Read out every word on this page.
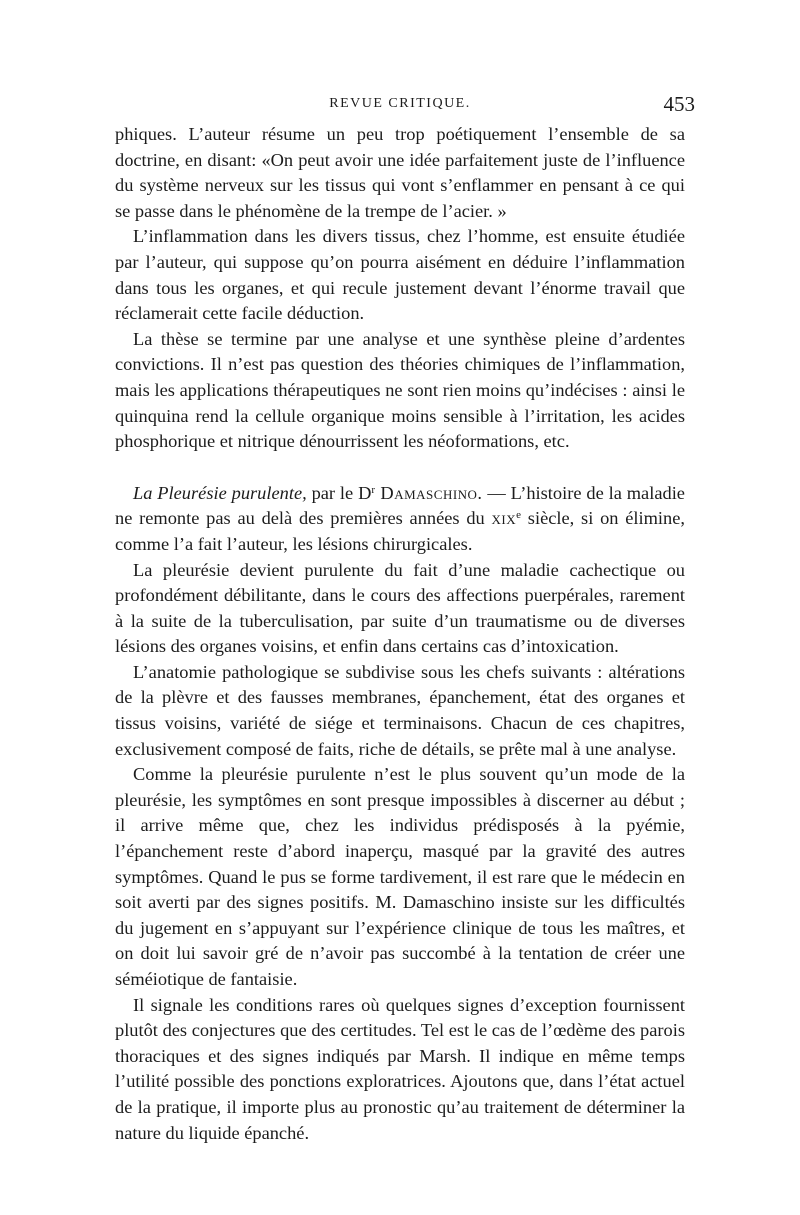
REVUE CRITIQUE.	453

phiques. L’auteur résume un peu trop poétiquement l’ensemble de sa doctrine, en disant: «On peut avoir une idée parfaitement juste de l’influence du système nerveux sur les tissus qui vont s’enflammer en pensant à ce qui se passe dans le phénomène de la trempe de l’acier. »

L’inflammation dans les divers tissus, chez l’homme, est ensuite étudiée par l’auteur, qui suppose qu’on pourra aisément en déduire l’inflammation dans tous les organes, et qui recule justement devant l’énorme travail que réclamerait cette facile déduction.

La thèse se termine par une analyse et une synthèse pleine d’ardentes convictions. Il n’est pas question des théories chimiques de l’inflammation, mais les applications thérapeutiques ne sont rien moins qu’indécises : ainsi le quinquina rend la cellule organique moins sensible à l’irritation, les acides phosphorique et nitrique dénourrissent les néoformations, etc.

La Pleurésie purulente, par le $D^r$ Damaschino. — L’histoire de la maladie ne remonte pas au delà des premières années du xix$^e$ siècle, si on élimine, comme l’a fait l’auteur, les lésions chirurgicales.

La pleurésie devient purulente du fait d’une maladie cachectique ou profondément débilitante, dans le cours des affections puerpérales, rarement à la suite de la tuberculisation, par suite d’un traumatisme ou de diverses lésions des organes voisins, et enfin dans certains cas d’intoxication.

L’anatomie pathologique se subdivise sous les chefs suivants : altérations de la plèvre et des fausses membranes, épanchement, état des organes et tissus voisins, variété de siége et terminaisons. Chacun de ces chapitres, exclusivement composé de faits, riche de détails, se prête mal à une analyse.

Comme la pleurésie purulente n’est le plus souvent qu’un mode de la pleurésie, les symptômes en sont presque impossibles à discerner au début ; il arrive même que, chez les individus prédisposés à la pyémie, l’épanchement reste d’abord inaperçu, masqué par la gravité des autres symptômes. Quand le pus se forme tardivement, il est rare que le médecin en soit averti par des signes positifs. M. Damaschino insiste sur les difficultés du jugement en s’appuyant sur l’expérience clinique de tous les maîtres, et on doit lui savoir gré de n’avoir pas succombé à la tentation de créer une séméiotique de fantaisie.

Il signale les conditions rares où quelques signes d’exception fournissent plutôt des conjectures que des certitudes. Tel est le cas de l’œdème des parois thoraciques et des signes indiqués par Marsh. Il indique en même temps l’utilité possible des ponctions exploratrices. Ajoutons que, dans l’état actuel de la pratique, il importe plus au pronostic qu’au traitement de déterminer la nature du liquide épanché.
